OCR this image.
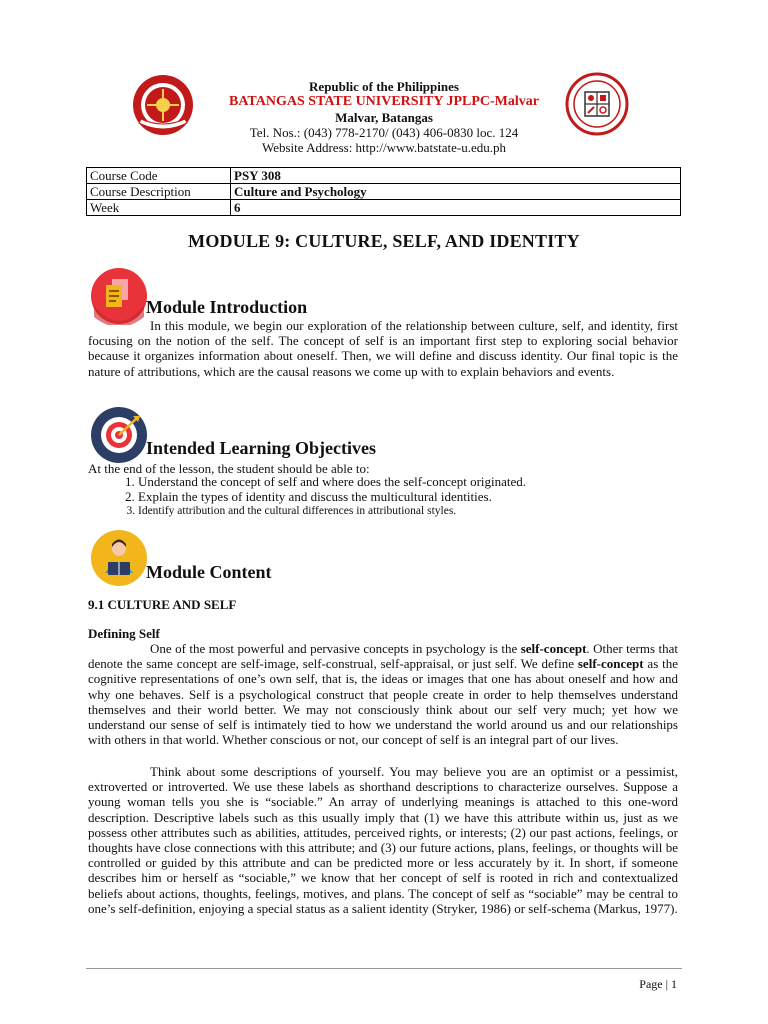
Republic of the Philippines
BATANGAS STATE UNIVERSITY JPLPC-Malvar
Malvar, Batangas
Tel. Nos.: (043) 778-2170/ (043) 406-0830 loc. 124
Website Address: http://www.batstate-u.edu.ph
Course Code	PSY 308
Course Description	Culture and Psychology
Week	6
MODULE 9: CULTURE, SELF, AND IDENTITY
Module Introduction

In this module, we begin our exploration of the relationship between culture, self, and identity, first focusing on the notion of the self. The concept of self is an important first step to exploring social behavior because it organizes information about oneself. Then, we will define and discuss identity. Our final topic is the nature of attributions, which are the causal reasons we come up with to explain behaviors and events.

Intended Learning Objectives
At the end of the lesson, the student should be able to:
1. Understand the concept of self and where does the self-concept originated.
2. Explain the types of identity and discuss the multicultural identities.
3. Identify attribution and the cultural differences in attributional styles.
Module Content
9.1 CULTURE AND SELF
Defining Self

One of the most powerful and pervasive concepts in psychology is the self-concept. Other terms that denote the same concept are self-image, self-construal, self-appraisal, or just self. We define self-concept as the cognitive representations of one’s own self, that is, the ideas or images that one has about oneself and how and why one behaves. Self is a psychological construct that people create in order to help themselves understand themselves and their world better. We may not consciously think about our self very much; yet how we understand our sense of self is intimately tied to how we understand the world around us and our relationships with others in that world. Whether conscious or not, our concept of self is an integral part of our lives.

Think about some descriptions of yourself. You may believe you are an optimist or a pessimist, extroverted or introverted. We use these labels as shorthand descriptions to characterize ourselves. Suppose a young woman tells you she is “sociable.” An array of underlying meanings is attached to this one-word description. Descriptive labels such as this usually imply that (1) we have this attribute within us, just as we possess other attributes such as abilities, attitudes, perceived rights, or interests; (2) our past actions, feelings, or thoughts have close connections with this attribute; and (3) our future actions, plans, feelings, or thoughts will be controlled or guided by this attribute and can be predicted more or less accurately by it. In short, if someone describes him or herself as “sociable,” we know that her concept of self is rooted in rich and contextualized beliefs about actions, thoughts, feelings, motives, and plans. The concept of self as “sociable” may be central to one’s self-definition, enjoying a special status as a salient identity (Stryker, 1986) or self-schema (Markus, 1977).

Page | 1
